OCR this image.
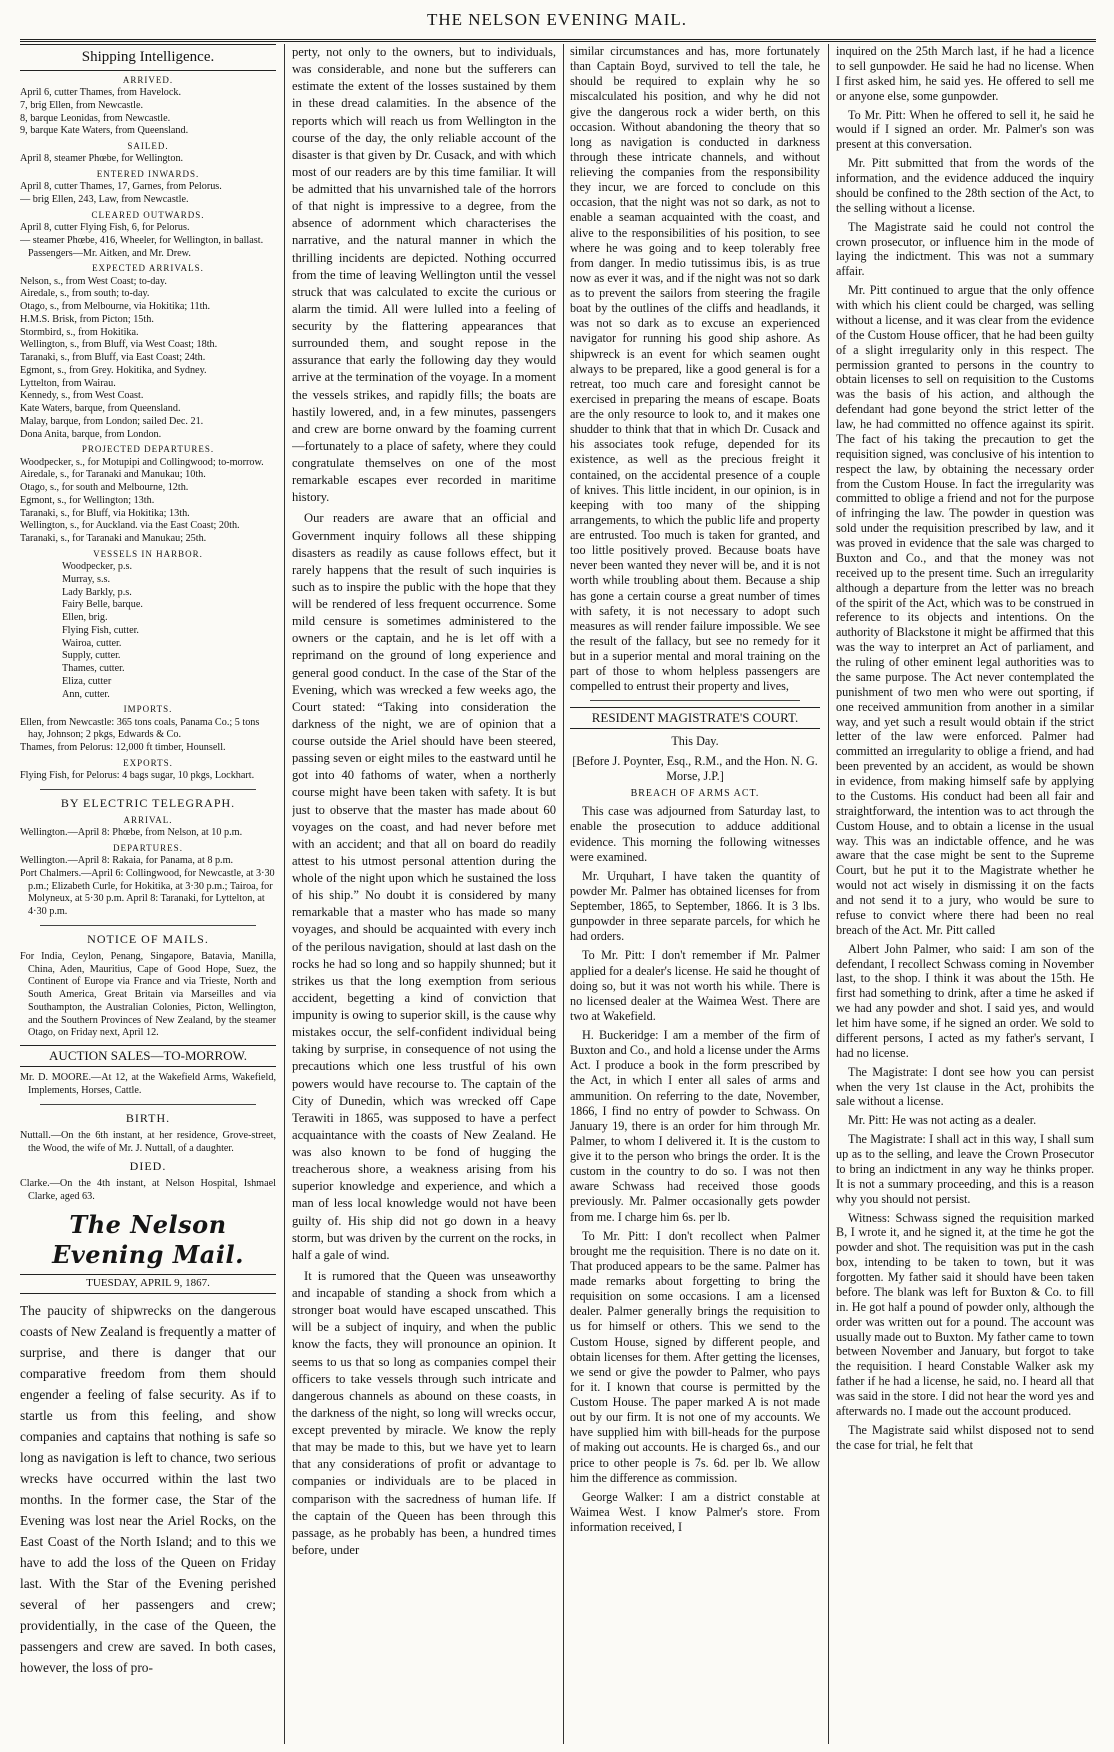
THE NELSON EVENING MAIL.
Shipping Intelligence.
ARRIVED.
April 6, cutter Thames, from Havelock.
7, brig Ellen, from Newcastle.
8, barque Leonidas, from Newcastle.
9, barque Kate Waters, from Queensland.
SAILED.
April 8, steamer Phœbe, for Wellington.
ENTERED INWARDS.
April 8, cutter Thames, 17, Garnes, from Pelorus.
— brig Ellen, 243, Law, from Newcastle.
CLEARED OUTWARDS.
April 8, cutter Flying Fish, 6, for Pelorus.
— steamer Phœbe, 416, Wheeler, for Wellington, in ballast. Passengers—Mr. Aitken, and Mr. Drew.
EXPECTED ARRIVALS.
Nelson, s., from West Coast; to-day.
Airedale, s., from south; to-day.
Otago, s., from Melbourne, via Hokitika; 11th.
H.M.S. Brisk, from Picton; 15th.
Stormbird, s., from Hokitika.
Wellington, s., from Bluff, via West Coast; 18th.
Taranaki, s., from Bluff, via East Coast; 24th.
Egmont, s., from Grey. Hokitika, and Sydney.
Lyttelton, from Wairau.
Kennedy, s., from West Coast.
Kate Waters, barque, from Queensland.
Malay, barque, from London; sailed Dec. 21.
Dona Anita, barque, from London.
PROJECTED DEPARTURES.
Woodpecker, s., for Motupipi and Collingwood; to-morrow.
Airedale, s., for Taranaki and Manukau; 10th.
Otago, s., for south and Melbourne, 12th.
Egmont, s., for Wellington; 13th.
Taranaki, s., for Bluff, via Hokitika; 13th.
Wellington, s., for Auckland. via the East Coast; 20th.
Taranaki, s., for Taranaki and Manukau; 25th.
VESSELS IN HARBOR.
Woodpecker, p.s.
Murray, s.s.
Lady Barkly, p.s.
Fairy Belle, barque.
Ellen, brig.
Flying Fish, cutter.
Wairoa, cutter.
Supply, cutter.
Thames, cutter.
Eliza, cutter
Ann, cutter.
IMPORTS.
Ellen, from Newcastle: 365 tons coals, Panama Co.; 5 tons hay, Johnson; 2 pkgs, Edwards & Co.
Thames, from Pelorus: 12,000 ft timber, Hounsell.
EXPORTS.
Flying Fish, for Pelorus: 4 bags sugar, 10 pkgs, Lockhart.
BY ELECTRIC TELEGRAPH.
ARRIVAL.
Wellington.—April 8: Phœbe, from Nelson, at 10 p.m.
DEPARTURES.
Wellington.—April 8: Rakaia, for Panama, at 8 p.m.
Port Chalmers.—April 6: Collingwood, for Newcastle, at 3·30 p.m.; Elizabeth Curle, for Hokitika, at 3·30 p.m.; Tairoa, for Molyneux, at 5·30 p.m. April 8: Taranaki, for Lyttelton, at 4·30 p.m.
NOTICE OF MAILS.

For India, Ceylon, Penang, Singapore, Batavia, Manilla, China, Aden, Mauritius, Cape of Good Hope, Suez, the Continent of Europe via France and via Trieste, North and South America, Great Britain via Marseilles and via Southampton, the Australian Colonies, Picton, Wellington, and the Southern Provinces of New Zealand, by the steamer Otago, on Friday next, April 12.

AUCTION SALES—TO-MORROW.

Mr. D. MOORE.—At 12, at the Wakefield Arms, Wakefield, Implements, Horses, Cattle.

BIRTH.

Nuttall.—On the 6th instant, at her residence, Grove-street, the Wood, the wife of Mr. J. Nuttall, of a daughter.

DIED.

Clarke.—On the 4th instant, at Nelson Hospital, Ishmael Clarke, aged 63.

The Nelson Evening Mail.
TUESDAY, APRIL 9, 1867.

The paucity of shipwrecks on the dangerous coasts of New Zealand is frequently a matter of surprise, and there is danger that our comparative freedom from them should engender a feeling of false security. As if to startle us from this feeling, and show companies and captains that nothing is safe so long as navigation is left to chance, two serious wrecks have occurred within the last two months. In the former case, the Star of the Evening was lost near the Ariel Rocks, on the East Coast of the North Island; and to this we have to add the loss of the Queen on Friday last. With the Star of the Evening perished several of her passengers and crew; providentially, in the case of the Queen, the passengers and crew are saved. In both cases, however, the loss of pro-

perty, not only to the owners, but to individuals, was considerable, and none but the sufferers can estimate the extent of the losses sustained by them in these dread calamities. In the absence of the reports which will reach us from Wellington in the course of the day, the only reliable account of the disaster is that given by Dr. Cusack, and with which most of our readers are by this time familiar. It will be admitted that his unvarnished tale of the horrors of that night is impressive to a degree, from the absence of adornment which characterises the narrative, and the natural manner in which the thrilling incidents are depicted. Nothing occurred from the time of leaving Wellington until the vessel struck that was calculated to excite the curious or alarm the timid. All were lulled into a feeling of security by the flattering appearances that surrounded them, and sought repose in the assurance that early the following day they would arrive at the termination of the voyage. In a moment the vessels strikes, and rapidly fills; the boats are hastily lowered, and, in a few minutes, passengers and crew are borne onward by the foaming current—fortunately to a place of safety, where they could congratulate themselves on one of the most remarkable escapes ever recorded in maritime history.

Our readers are aware that an official and Government inquiry follows all these shipping disasters as readily as cause follows effect, but it rarely happens that the result of such inquiries is such as to inspire the public with the hope that they will be rendered of less frequent occurrence. Some mild censure is sometimes administered to the owners or the captain, and he is let off with a reprimand on the ground of long experience and general good conduct. In the case of the Star of the Evening, which was wrecked a few weeks ago, the Court stated: “Taking into consideration the darkness of the night, we are of opinion that a course outside the Ariel should have been steered, passing seven or eight miles to the eastward until he got into 40 fathoms of water, when a northerly course might have been taken with safety. It is but just to observe that the master has made about 60 voyages on the coast, and had never before met with an accident; and that all on board do readily attest to his utmost personal attention during the whole of the night upon which he sustained the loss of his ship.” No doubt it is considered by many remarkable that a master who has made so many voyages, and should be acquainted with every inch of the perilous navigation, should at last dash on the rocks he had so long and so happily shunned; but it strikes us that the long exemption from serious accident, begetting a kind of conviction that impunity is owing to superior skill, is the cause why mistakes occur, the self-confident individual being taking by surprise, in consequence of not using the precautions which one less trustful of his own powers would have recourse to. The captain of the City of Dunedin, which was wrecked off Cape Terawiti in 1865, was supposed to have a perfect acquaintance with the coasts of New Zealand. He was also known to be fond of hugging the treacherous shore, a weakness arising from his superior knowledge and experience, and which a man of less local knowledge would not have been guilty of. His ship did not go down in a heavy storm, but was driven by the current on the rocks, in half a gale of wind.

It is rumored that the Queen was unseaworthy and incapable of standing a shock from which a stronger boat would have escaped unscathed. This will be a subject of inquiry, and when the public know the facts, they will pronounce an opinion. It seems to us that so long as companies compel their officers to take vessels through such intricate and dangerous channels as abound on these coasts, in the darkness of the night, so long will wrecks occur, except prevented by miracle. We know the reply that may be made to this, but we have yet to learn that any considerations of profit or advantage to companies or individuals are to be placed in comparison with the sacredness of human life. If the captain of the Queen has been through this passage, as he probably has been, a hundred times before, under

similar circumstances and has, more fortunately than Captain Boyd, survived to tell the tale, he should be required to explain why he so miscalculated his position, and why he did not give the dangerous rock a wider berth, on this occasion. Without abandoning the theory that so long as navigation is conducted in darkness through these intricate channels, and without relieving the companies from the responsibility they incur, we are forced to conclude on this occasion, that the night was not so dark, as not to enable a seaman acquainted with the coast, and alive to the responsibilities of his position, to see where he was going and to keep tolerably free from danger. In medio tutissimus ibis, is as true now as ever it was, and if the night was not so dark as to prevent the sailors from steering the fragile boat by the outlines of the cliffs and headlands, it was not so dark as to excuse an experienced navigator for running his good ship ashore. As shipwreck is an event for which seamen ought always to be prepared, like a good general is for a retreat, too much care and foresight cannot be exercised in preparing the means of escape. Boats are the only resource to look to, and it makes one shudder to think that that in which Dr. Cusack and his associates took refuge, depended for its existence, as well as the precious freight it contained, on the accidental presence of a couple of knives. This little incident, in our opinion, is in keeping with too many of the shipping arrangements, to which the public life and property are entrusted. Too much is taken for granted, and too little positively proved. Because boats have never been wanted they never will be, and it is not worth while troubling about them. Because a ship has gone a certain course a great number of times with safety, it is not necessary to adopt such measures as will render failure impossible. We see the result of the fallacy, but see no remedy for it but in a superior mental and moral training on the part of those to whom helpless passengers are compelled to entrust their property and lives,

RESIDENT MAGISTRATE'S COURT.

This Day.

[Before J. Poynter, Esq., R.M., and the Hon. N. G. Morse, J.P.]

BREACH OF ARMS ACT.

This case was adjourned from Saturday last, to enable the prosecution to adduce additional evidence. This morning the following witnesses were examined.

Mr. Urquhart, I have taken the quantity of powder Mr. Palmer has obtained licenses for from September, 1865, to September, 1866. It is 3 lbs. gunpowder in three separate parcels, for which he had orders.

To Mr. Pitt: I don't remember if Mr. Palmer applied for a dealer's license. He said he thought of doing so, but it was not worth his while. There is no licensed dealer at the Waimea West. There are two at Wakefield.

H. Buckeridge: I am a member of the firm of Buxton and Co., and hold a license under the Arms Act. I produce a book in the form prescribed by the Act, in which I enter all sales of arms and ammunition. On referring to the date, November, 1866, I find no entry of powder to Schwass. On January 19, there is an order for him through Mr. Palmer, to whom I delivered it. It is the custom to give it to the person who brings the order. It is the custom in the country to do so. I was not then aware Schwass had received those goods previously. Mr. Palmer occasionally gets powder from me. I charge him 6s. per lb.

To Mr. Pitt: I don't recollect when Palmer brought me the requisition. There is no date on it. That produced appears to be the same. Palmer has made remarks about forgetting to bring the requisition on some occasions. I am a licensed dealer. Palmer generally brings the requisition to us for himself or others. This we send to the Custom House, signed by different people, and obtain licenses for them. After getting the licenses, we send or give the powder to Palmer, who pays for it. I known that course is permitted by the Custom House. The paper marked A is not made out by our firm. It is not one of my accounts. We have supplied him with bill-heads for the purpose of making out accounts. He is charged 6s., and our price to other people is 7s. 6d. per lb. We allow him the difference as commission.

George Walker: I am a district constable at Waimea West. I know Palmer's store. From information received, I

inquired on the 25th March last, if he had a licence to sell gunpowder. He said he had no license. When I first asked him, he said yes. He offered to sell me or anyone else, some gunpowder.

To Mr. Pitt: When he offered to sell it, he said he would if I signed an order. Mr. Palmer's son was present at this conversation.

Mr. Pitt submitted that from the words of the information, and the evidence adduced the inquiry should be confined to the 28th section of the Act, to the selling without a license.

The Magistrate said he could not control the crown prosecutor, or influence him in the mode of laying the indictment. This was not a summary affair.

Mr. Pitt continued to argue that the only offence with which his client could be charged, was selling without a license, and it was clear from the evidence of the Custom House officer, that he had been guilty of a slight irregularity only in this respect. The permission granted to persons in the country to obtain licenses to sell on requisition to the Customs was the basis of his action, and although the defendant had gone beyond the strict letter of the law, he had committed no offence against its spirit. The fact of his taking the precaution to get the requisition signed, was conclusive of his intention to respect the law, by obtaining the necessary order from the Custom House. In fact the irregularity was committed to oblige a friend and not for the purpose of infringing the law. The powder in question was sold under the requisition prescribed by law, and it was proved in evidence that the sale was charged to Buxton and Co., and that the money was not received up to the present time. Such an irregularity although a departure from the letter was no breach of the spirit of the Act, which was to be construed in reference to its objects and intentions. On the authority of Blackstone it might be affirmed that this was the way to interpret an Act of parliament, and the ruling of other eminent legal authorities was to the same purpose. The Act never contemplated the punishment of two men who were out sporting, if one received ammunition from another in a similar way, and yet such a result would obtain if the strict letter of the law were enforced. Palmer had committed an irregularity to oblige a friend, and had been prevented by an accident, as would be shown in evidence, from making himself safe by applying to the Customs. His conduct had been all fair and straightforward, the intention was to act through the Custom House, and to obtain a license in the usual way. This was an indictable offence, and he was aware that the case might be sent to the Supreme Court, but he put it to the Magistrate whether he would not act wisely in dismissing it on the facts and not send it to a jury, who would be sure to refuse to convict where there had been no real breach of the Act. Mr. Pitt called

Albert John Palmer, who said: I am son of the defendant, I recollect Schwass coming in November last, to the shop. I think it was about the 15th. He first had something to drink, after a time he asked if we had any powder and shot. I said yes, and would let him have some, if he signed an order. We sold to different persons, I acted as my father's servant, I had no license.

The Magistrate: I dont see how you can persist when the very 1st clause in the Act, prohibits the sale without a license.

Mr. Pitt: He was not acting as a dealer.

The Magistrate: I shall act in this way, I shall sum up as to the selling, and leave the Crown Prosecutor to bring an indictment in any way he thinks proper. It is not a summary proceeding, and this is a reason why you should not persist.

Witness: Schwass signed the requisition marked B, I wrote it, and he signed it, at the time he got the powder and shot. The requisition was put in the cash box, intending to be taken to town, but it was forgotten. My father said it should have been taken before. The blank was left for Buxton & Co. to fill in. He got half a pound of powder only, although the order was written out for a pound. The account was usually made out to Buxton. My father came to town between November and January, but forgot to take the requisition. I heard Constable Walker ask my father if he had a license, he said, no. I heard all that was said in the store. I did not hear the word yes and afterwards no. I made out the account produced.

The Magistrate said whilst disposed not to send the case for trial, he felt that
